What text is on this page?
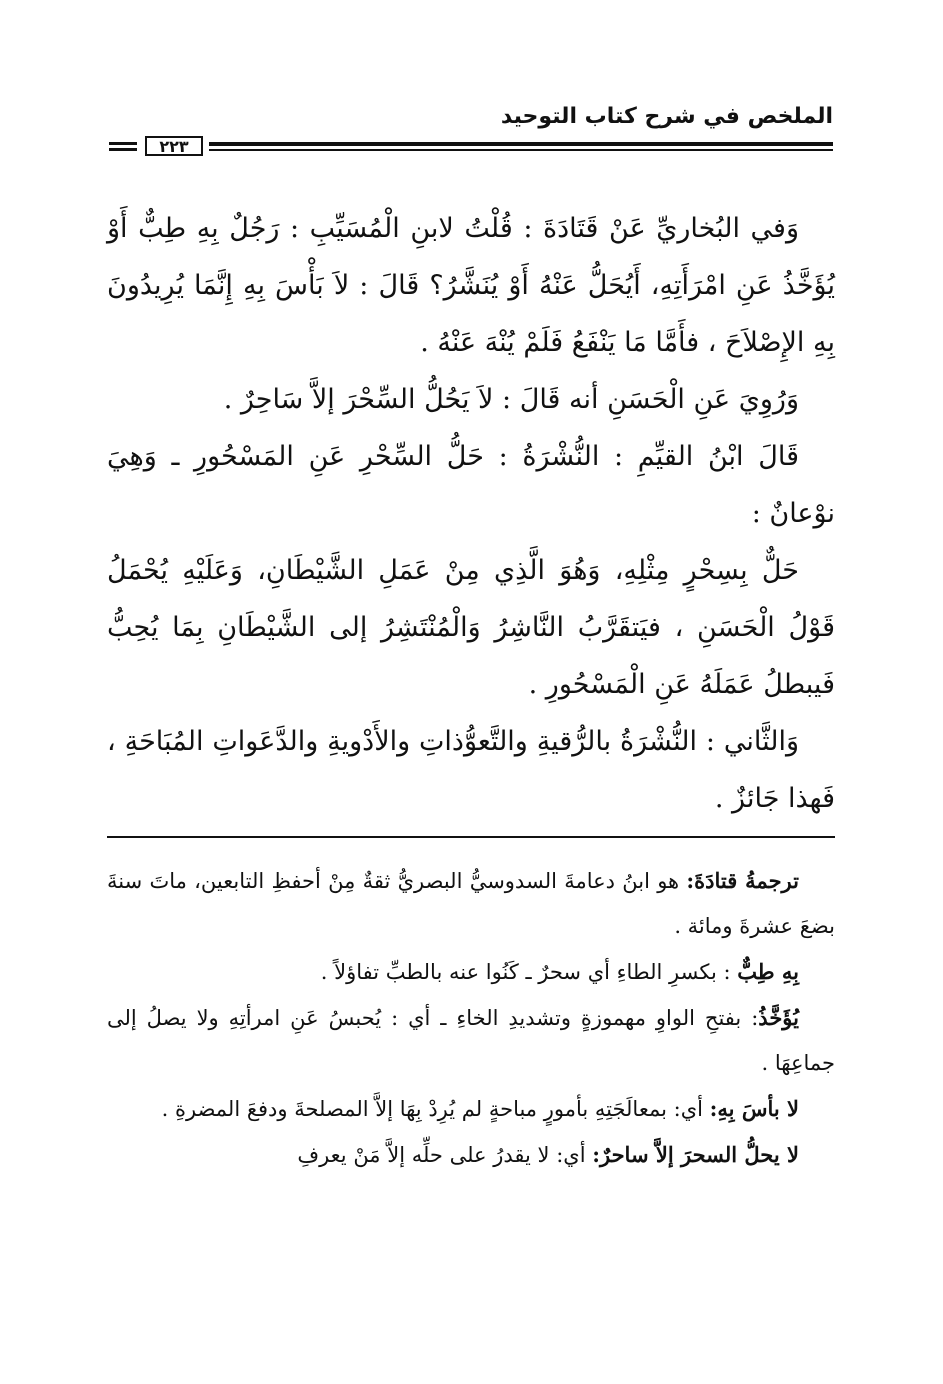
الملخص في شرح كتاب التوحيد
٢٢٣

وَفي البُخاريِّ عَنْ قَتَادَةَ : قُلْتُ لابنِ الْمُسَيِّبِ : رَجُلٌ بِهِ طِبٌّ أَوْ يُؤَخَّذُ عَنِ امْرَأَتِهِ، أَيُحَلُّ عَنْهُ أَوْ يُنَشَّرُ؟ قَالَ : لاَ بَأْسَ بِهِ إِنَّمَا يُرِيدُونَ بِهِ الإِصْلاَحَ ، فأَمَّا مَا يَنْفَعُ فَلَمْ يُنْهَ عَنْهُ .

وَرُوِيَ عَنِ الْحَسَنِ أنه قَالَ : لاَ يَحُلُّ السِّحْرَ إلاَّ سَاحِرٌ .

قَالَ ابْنُ القيِّمِ : النُّشْرَةُ : حَلُّ السِّحْرِ عَنِ المَسْحُورِ ـ وَهِيَ نوْعانٌ :

حَلٌّ بِسِحْرٍ مِثْلِهِ، وَهُوَ الَّذِي مِنْ عَمَلِ الشَّيْطَانِ، وَعَلَيْهِ يُحْمَلُ قَوْلُ الْحَسَنِ ، فيَتقَرَّبُ النَّاشِرُ وَالْمُنْتَشِرُ إلى الشَّيْطَانِ بِمَا يُحِبُّ فَيبطلُ عَمَلَهُ عَنِ الْمَسْحُورِ .

وَالثَّاني : النُّشْرَةُ بالرُّقيةِ والتَّعوُّذاتِ والأَدْويةِ والدَّعَواتِ المُبَاحَةِ ، فَهذا جَائزٌ .

ترجمةُ قتادَةَ: هو ابنُ دعامةَ السدوسيُّ البصريُّ ثقةٌ مِنْ أحفظِ التابعين، ماتَ سنةَ بضعَ عشرةَ ومائة .

بِهِ طِبٌّ : بكسرِ الطاءِ أي سحرٌ ـ كَنُوا عنه بالطبِّ تفاؤلاً .

يُؤَخَّذُ: بفتحِ الواوِ مهموزةٍ وتشديدِ الخاءِ ـ أي : يُحبسُ عَنِ امرأتِهِ ولا يصلُ إلى جماعِهَا .

لا بأسَ بِهِ: أي: بمعالَجَتِهِ بأمورٍ مباحةٍ لم يُرِدْ بِهَا إلاَّ المصلحةَ ودفعَ المضرةِ .

لا يحلُّ السحرَ إلاَّ ساحرٌ: أي: لا يقدرُ على حلِّه إلاَّ مَنْ يعرفِ
